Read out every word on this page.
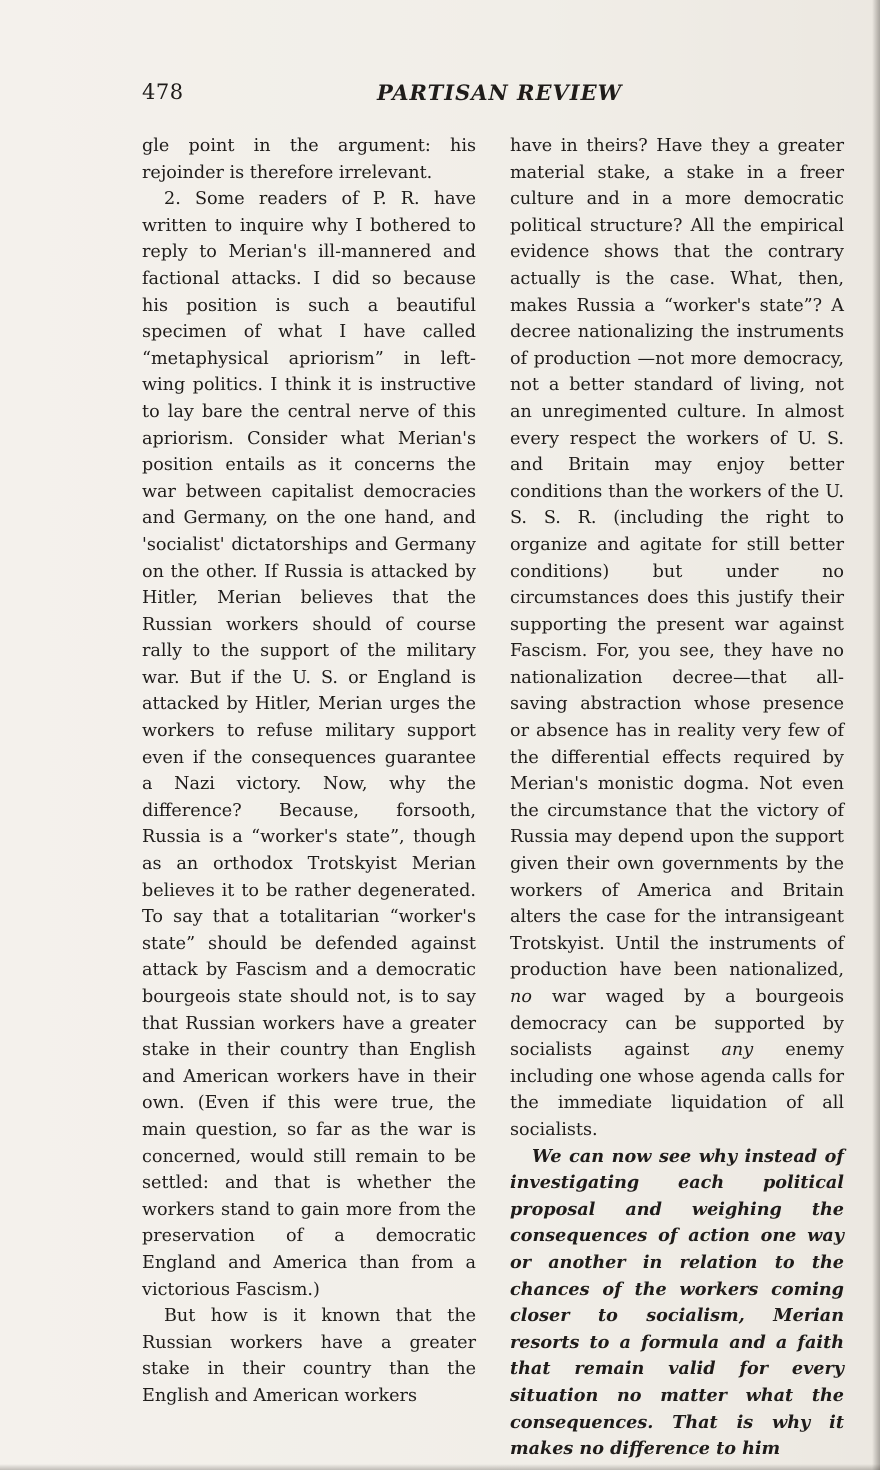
478	PARTISAN REVIEW

gle point in the argument: his rejoinder is therefore irrelevant.

2. Some readers of P. R. have written to inquire why I bothered to reply to Merian's ill-mannered and factional attacks. I did so because his position is such a beautiful specimen of what I have called “metaphysical apriorism” in left-wing politics. I think it is instructive to lay bare the central nerve of this apriorism. Consider what Merian's position entails as it concerns the war between capitalist democracies and Germany, on the one hand, and 'socialist' dictatorships and Germany on the other. If Russia is attacked by Hitler, Merian believes that the Russian workers should of course rally to the support of the military war. But if the U. S. or England is attacked by Hitler, Merian urges the workers to refuse military support even if the consequences guarantee a Nazi victory. Now, why the difference? Because, forsooth, Russia is a “worker's state”, though as an orthodox Trotskyist Merian believes it to be rather degenerated. To say that a totalitarian “worker's state” should be defended against attack by Fascism and a democratic bourgeois state should not, is to say that Russian workers have a greater stake in their country than English and American workers have in their own. (Even if this were true, the main question, so far as the war is concerned, would still remain to be settled: and that is whether the workers stand to gain more from the preservation of a democratic England and America than from a victorious Fascism.)

But how is it known that the Russian workers have a greater stake in their country than the English and American workers

have in theirs? Have they a greater material stake, a stake in a freer culture and in a more democratic political structure? All the empirical evidence shows that the contrary actually is the case. What, then, makes Russia a “worker's state”? A decree nationalizing the instruments of production —not more democracy, not a better standard of living, not an unregimented culture. In almost every respect the workers of U. S. and Britain may enjoy better conditions than the workers of the U. S. S. R. (including the right to organize and agitate for still better conditions) but under no circumstances does this justify their supporting the present war against Fascism. For, you see, they have no nationalization decree—that all-saving abstraction whose presence or absence has in reality very few of the differential effects required by Merian's monistic dogma. Not even the circumstance that the victory of Russia may depend upon the support given their own governments by the workers of America and Britain alters the case for the intransigeant Trotskyist. Until the instruments of production have been nationalized, no war waged by a bourgeois democracy can be supported by socialists against any enemy including one whose agenda calls for the immediate liquidation of all socialists.

We can now see why instead of investigating each political proposal and weighing the consequences of action one way or another in relation to the chances of the workers coming closer to socialism, Merian resorts to a formula and a faith that remain valid for every situation no matter what the consequences. That is why it makes no difference to him
